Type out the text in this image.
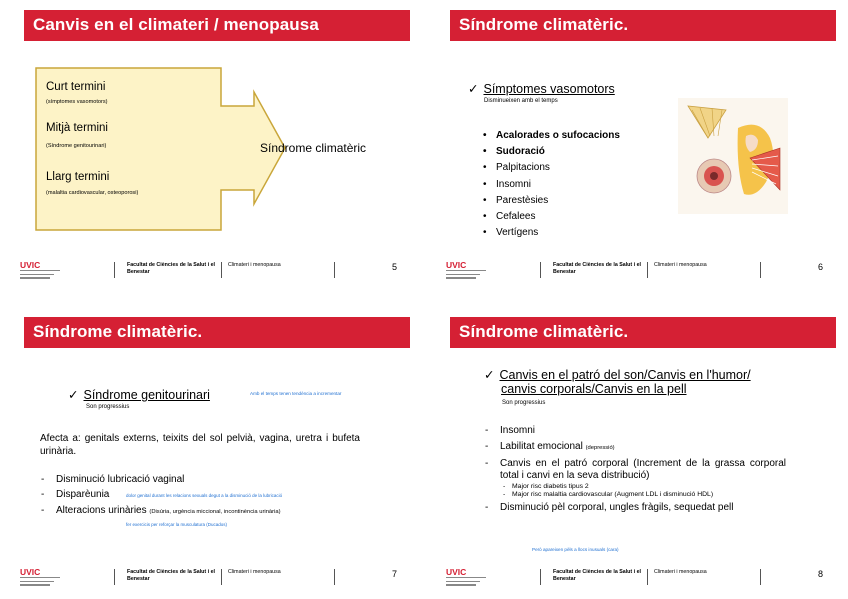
Canvis en el climateri / menopausa
Curt termini
(símptomes vasomotors)
Mitjà termini
(Síndrome genitourinari)
Llarg termini
(malaltia cardiovascular, osteoporosi)
Síndrome climatèric
UVIC	Facultat de Ciències de la Salut i el Benestar
Climateri i menopausa	5
Síndrome climatèric.
✓ Símptomes vasomotors
Disminueixen amb el temps
• Acalorades o sufocacions
• Sudoració
• Palpitacions
• Insomni
• Parestèsies
• Cefalees
• Vertígens
UVIC	Facultat de Ciències de la Salut i el Benestar
Climateri i menopausa	6
Síndrome climatèric.
✓ Síndrome genitourinari	Amb el temps tenen tendència a incrementar
Son progressius
Afecta a: genitals externs, teixits del sol pelvià, vagina, uretra i bufeta urinària.
- Disminució lubricació vaginal
- Disparèunia	dolor genital durant les relacions sexuals degut a la disminució de la lubricació
- Alteracions urinàries (Disúria, urgència miccional, incontinència urinària)
fer exercicis per reforçar la musculatura (Ducados)
UVIC	Facultat de Ciències de la Salut i el Benestar
Climateri i menopausa	7
Síndrome climatèric.
✓ Canvis en el patró del son/Canvis en l'humor/
canvis corporals/Canvis en la pell
Son progressius
- Insomni
- Labilitat emocional (depressió)
- Canvis en el patró corporal (Increment de la grassa corporal total i canvi en la seva distribució)
- Major risc diabetis tipus 2
- Major risc malaltia cardiovascular (Augment LDL i disminució HDL)
- Disminució pèl corporal, ungles fràgils, sequedat pell
Però apareixen pèls a llocs inusuals (cara)
UVIC	Facultat de Ciències de la Salut i el Benestar
Climateri i menopausa	8
